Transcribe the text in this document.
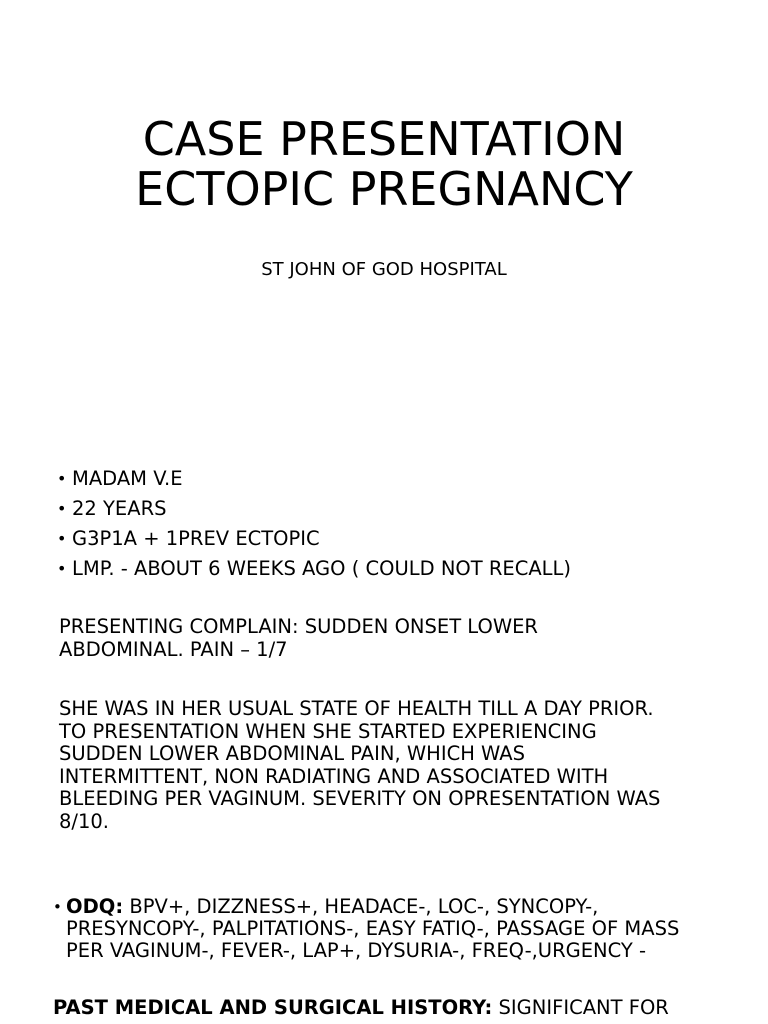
CASE PRESENTATION
ECTOPIC PREGNANCY
ST JOHN OF GOD HOSPITAL
• MADAM V.E
• 22 YEARS
• G3P1A + 1PREV ECTOPIC
• LMP. - ABOUT 6 WEEKS AGO ( COULD NOT RECALL)

PRESENTING COMPLAIN: SUDDEN ONSET LOWER
ABDOMINAL. PAIN – 1/7

SHE WAS IN HER USUAL STATE OF HEALTH TILL A DAY PRIOR.
TO PRESENTATION WHEN SHE STARTED EXPERIENCING
SUDDEN LOWER ABDOMINAL PAIN, WHICH WAS
INTERMITTENT, NON RADIATING AND ASSOCIATED WITH
BLEEDING PER VAGINUM. SEVERITY ON OPRESENTATION WAS
8/10.

• ODQ: BPV+, DIZZNESS+, HEADACE-, LOC-, SYNCOPY-,
PRESYNCOPY-, PALPITATIONS-, EASY FATIQ-, PASSAGE OF MASS
PER VAGINUM-, FEVER-, LAP+, DYSURIA-, FREQ-,URGENCY -
PAST MEDICAL AND SURGICAL HISTORY: SIGNIFICANT FOR
